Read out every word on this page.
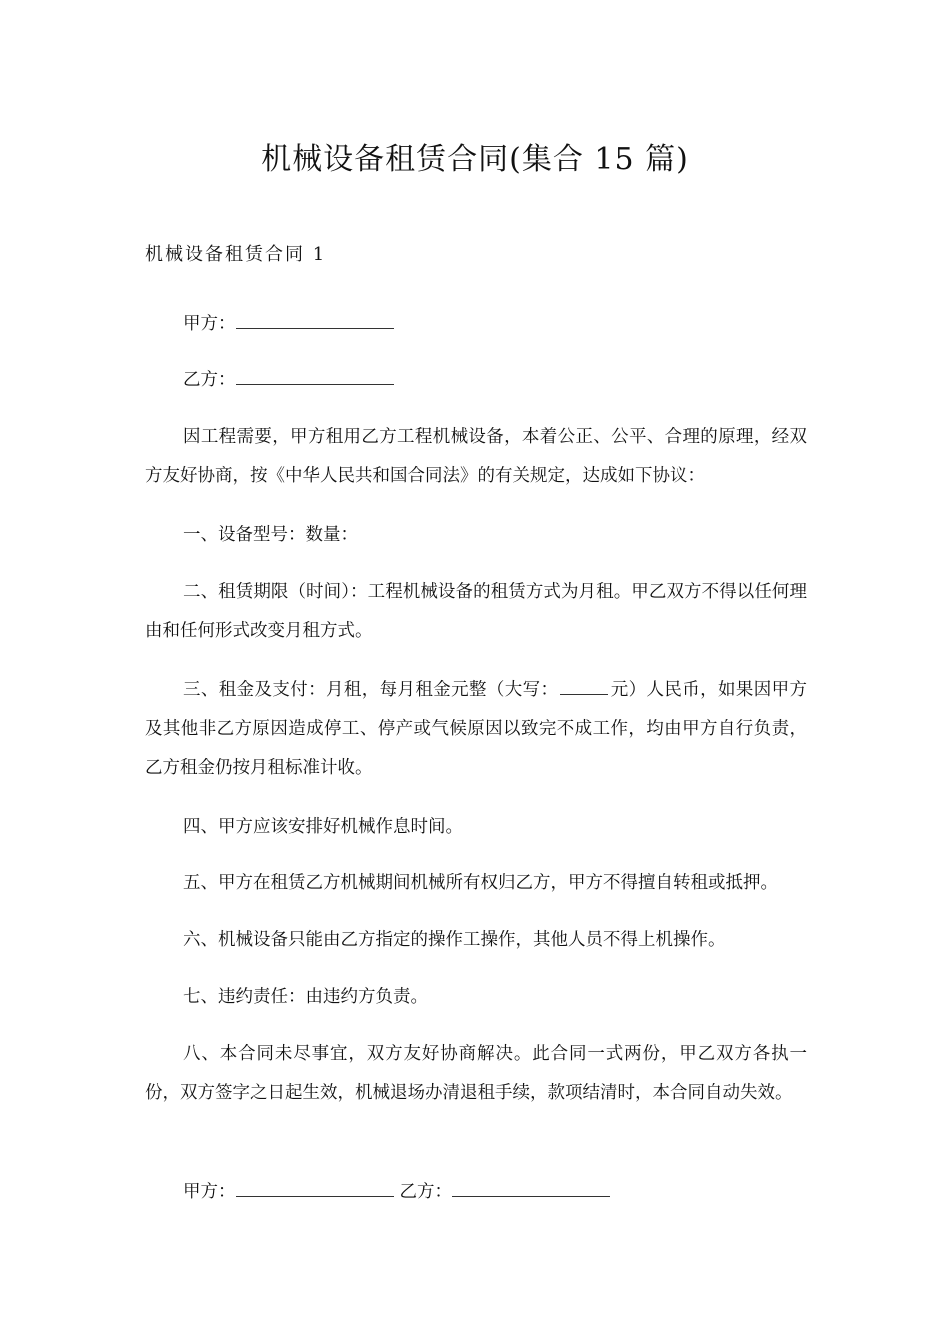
机械设备租赁合同(集合 15 篇)
机械设备租赁合同 1

甲方：

乙方：

因工程需要，甲方租用乙方工程机械设备，本着公正、公平、合理的原理，经双方友好协商，按《中华人民共和国合同法》的有关规定，达成如下协议：

一、设备型号：数量：

二、租赁期限（时间）：工程机械设备的租赁方式为月租。甲乙双方不得以任何理由和任何形式改变月租方式。

三、租金及支付：月租，每月租金元整（大写：	元）人民币，如果因甲方及其他非乙方原因造成停工、停产或气候原因以致完不成工作，均由甲方自行负责，乙方租金仍按月租标准计收。

四、甲方应该安排好机械作息时间。

五、甲方在租赁乙方机械期间机械所有权归乙方，甲方不得擅自转租或抵押。

六、机械设备只能由乙方指定的操作工操作，其他人员不得上机操作。

七、违约责任：由违约方负责。

八、本合同未尽事宜，双方友好协商解决。此合同一式两份，甲乙双方各执一份，双方签字之日起生效，机械退场办清退租手续，款项结清时，本合同自动失效。

甲方：	乙方：
